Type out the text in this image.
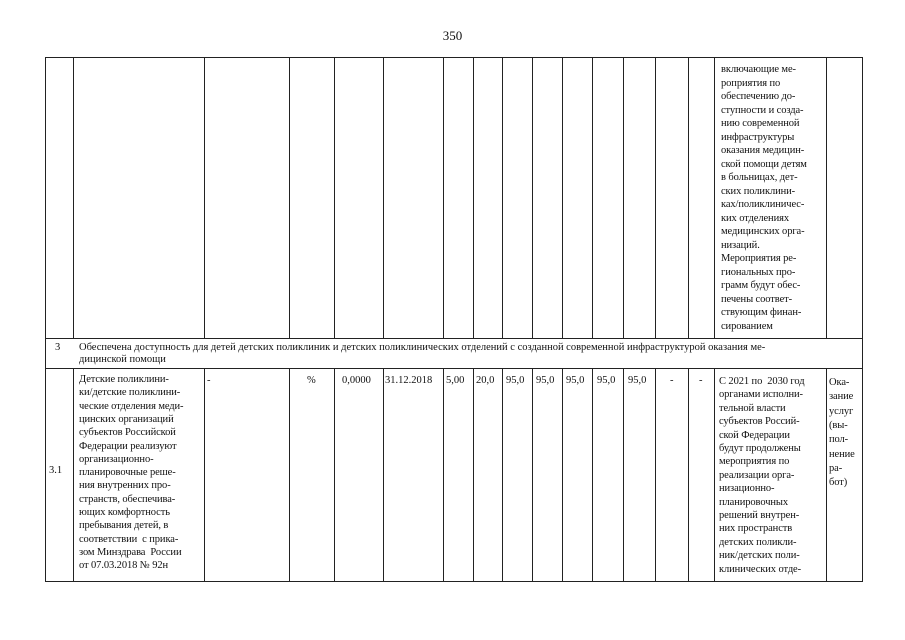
350
включающие ме-
роприятия по
обеспечению до-
ступности и созда-
нию современной
инфраструктуры
оказания медицин-
ской помощи детям
в больницах, дет-
ских поликлини-
ках/поликлиничес-
ких отделениях
медицинских орга-
низаций.
Мероприятия ре-
гиональных про-
грамм будут обес-
печены соответ-
ствующим финан-
сированием
3 Обеспечена доступность для детей детских поликлиник и детских поликлинических отделений с созданной современной инфраструктурой оказания ме-
дицинской помощи
3.1
Детские поликлини-
ки/детские поликлини-
ческие отделения меди-
цинских организаций
субъектов Российской
Федерации реализуют
организационно-
планировочные реше-
ния внутренних про-
странств, обеспечива-
ющих комфортность
пребывания детей, в
соответствии  с прика-
зом Минздрава  России
от 07.03.2018 № 92н
-	%	0,0000 31.12.2018 5,00 20,0 95,0 95,0 95,0 95,0 95,0 - - С 2021 по  2030 год
органами исполни-
тельной власти
субъектов Россий-
ской Федерации
будут продолжены
мероприятия по
реализации орга-
низационно-
планировочных
решений внутрен-
них пространств
детских поликли-
ник/детских поли-
клинических отде-
Ока-
зание
услуг
(вы-
пол-
нение
ра-
бот)
